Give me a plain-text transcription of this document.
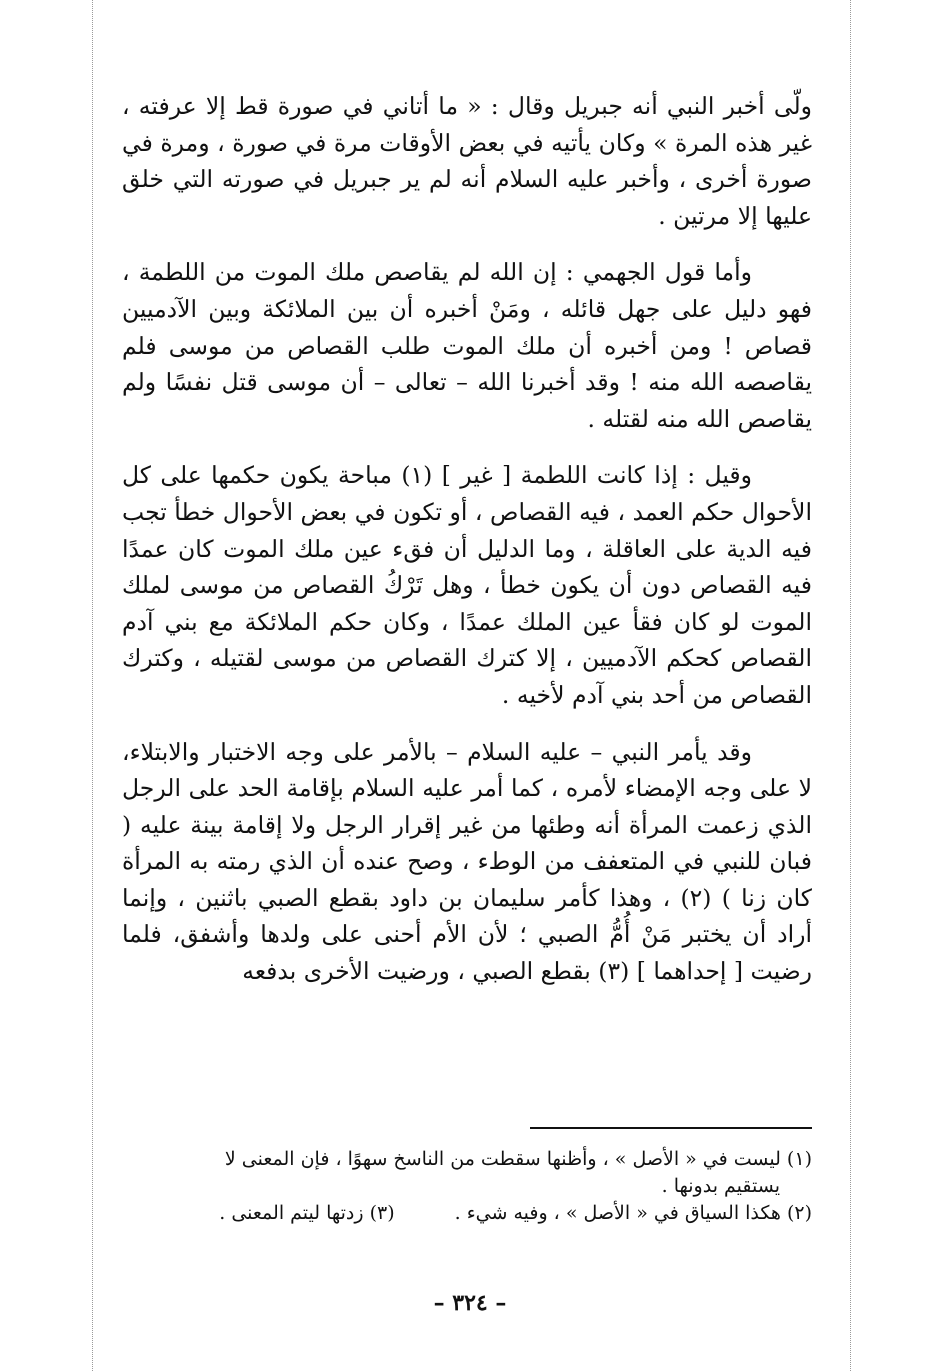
ولّى أخبر النبي أنه جبريل وقال : « ما أتاني في صورة قط إلا عرفته ، غير هذه المرة » وكان يأتيه في بعض الأوقات مرة في صورة ، ومرة في صورة أخرى ، وأخبر عليه السلام أنه لم ير جبريل في صورته التي خلق عليها إلا مرتين .

وأما قول الجهمي : إن الله لم يقاصص ملك الموت من اللطمة ، فهو دليل على جهل قائله ، ومَنْ أخبره أن بين الملائكة وبين الآدميين قصاص ! ومن أخبره أن ملك الموت طلب القصاص من موسى فلم يقاصصه الله منه ! وقد أخبرنا الله – تعالى – أن موسى قتل نفسًا ولم يقاصص الله منه لقتله .

وقيل : إذا كانت اللطمة [ غير ] (١) مباحة يكون حكمها على كل الأحوال حكم العمد ، فيه القصاص ، أو تكون في بعض الأحوال خطأ تجب فيه الدية على العاقلة ، وما الدليل أن فقء عين ملك الموت كان عمدًا فيه القصاص دون أن يكون خطأ ، وهل تَرْكُ القصاص من موسى لملك الموت لو كان فقأ عين الملك عمدًا ، وكان حكم الملائكة مع بني آدم القصاص كحكم الآدميين ، إلا كترك القصاص من موسى لقتيله ، وكترك القصاص من أحد بني آدم لأخيه .

وقد يأمر النبي – عليه السلام – بالأمر على وجه الاختبار والابتلاء، لا على وجه الإمضاء لأمره ، كما أمر عليه السلام بإقامة الحد على الرجل الذي زعمت المرأة أنه وطئها من غير إقرار الرجل ولا إقامة بينة عليه ( فبان للنبي في المتعفف من الوطء ، وصح عنده أن الذي رمته به المرأة كان زنا ) (٢) ، وهذا كأمر سليمان بن داود بقطع الصبي باثنين ، وإنما أراد أن يختبر مَنْ أُمُّ الصبي ؛ لأن الأم أحنى على ولدها وأشفق، فلما رضيت [ إحداهما ] (٣) بقطع الصبي ، ورضيت الأخرى بدفعه

(١) ليست في « الأصل » ، وأظنها سقطت من الناسخ سهوًا ، فإن المعنى لا

يستقيم بدونها .

(٢) هكذا السياق في « الأصل » ، وفيه شيء .
(٣) زدتها ليتم المعنى .
– ٣٢٤ –
